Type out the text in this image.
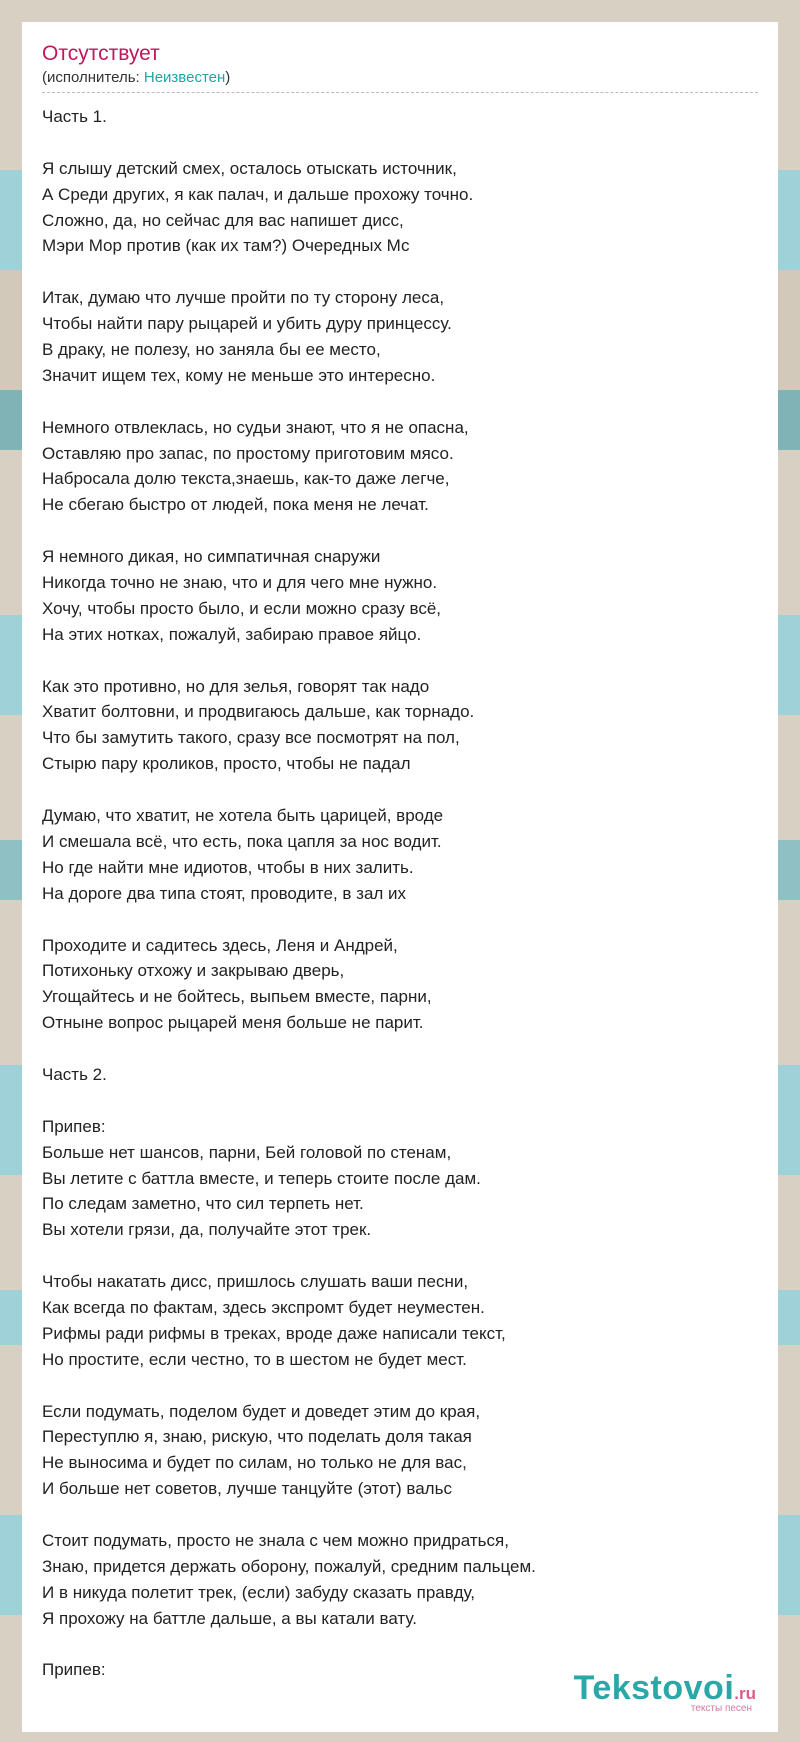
Отсутствует
(исполнитель: Неизвестен)
Часть 1.
Я слышу детский смех, осталось отыскать источник,
А Среди других, я как палач, и дальше прохожу точно.
Сложно, да, но сейчас для вас напишет дисс,
Мэри Мор против (как их там?) Очередных Мс
Итак, думаю что лучше пройти по ту сторону леса,
Чтобы найти пару рыцарей и убить дуру принцессу.
В драку, не полезу, но заняла бы ее место,
Значит ищем тех, кому не меньше это интересно.
Немного отвлеклась, но судьи знают, что я не опасна,
Оставляю про запас, по простому приготовим мясо.
Набросала долю текста,знаешь, как-то даже легче,
Не сбегаю быстро от людей, пока меня не лечат.
Я немного дикая, но симпатичная снаружи
Никогда точно не знаю, что и для чего мне нужно.
Хочу, чтобы просто было, и если можно сразу всё,
На этих нотках, пожалуй, забираю правое яйцо.
Как это противно, но для зелья, говорят так надо
Хватит болтовни, и продвигаюсь дальше, как торнадо.
Что бы замутить такого, сразу все посмотрят на пол,
Стырю пару кроликов, просто, чтобы не падал
Думаю, что хватит, не хотела быть царицей, вроде
И смешала всё, что есть, пока цапля за нос водит.
Но где найти мне идиотов, чтобы в них залить.
На дороге два типа стоят, проводите, в зал их
Проходите и садитесь здесь, Леня и Андрей,
Потихоньку отхожу и закрываю дверь,
Угощайтесь и не бойтесь, выпьем вместе, парни,
Отныне вопрос рыцарей меня больше не парит.
Часть 2.
Припев:
Больше нет шансов, парни, Бей головой по стенам,
Вы летите с баттла вместе, и теперь стоите после дам.
По следам заметно, что сил терпеть нет.
Вы хотели грязи, да, получайте этот трек.
Чтобы накатать дисс, пришлось слушать ваши песни,
Как всегда по фактам, здесь экспромт будет неуместен.
Рифмы ради рифмы в треках, вроде даже написали текст,
Но простите, если честно, то в шестом не будет мест.
Если подумать, поделом будет и доведет этим до края,
Переступлю я, знаю, рискую, что поделать доля такая
Не выносима и будет по силам, но только не для вас,
И больше нет советов, лучше танцуйте (этот) вальс
Стоит подумать, просто не знала с чем можно придраться,
Знаю, придется держать оборону, пожалуй, средним пальцем.
И в никуда полетит трек, (если) забуду сказать правду,
Я прохожу на баттле дальше, а вы катали вату.
Припев:	Tekstovoi.ru
тексты песен
